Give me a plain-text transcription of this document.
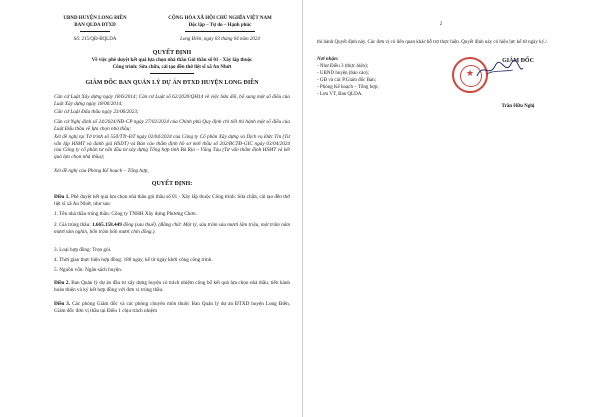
UBND HUYỆN LONG ĐIỀN
BAN QLDA ĐTXD
CỘNG HÒA XÃ HỘI CHỦ NGHĨA VIỆT NAM
Độc lập – Tự do – Hạnh phúc
Số: 215/QĐ-BQLDA	Long Điền, ngày 03 tháng 04 năm 2024
QUYẾT ĐỊNH
Về việc phê duyệt kết quả lựa chọn nhà thầu Gói thầu số 01 - Xây lắp thuộc
Công trình: Sửa chữa, cải tạo đền thờ liệt sĩ xã An Nhứt
GIÁM ĐỐC BAN QUẢN LÝ DỰ ÁN ĐTXD HUYỆN LONG ĐIỀN
Căn cứ Luật Xây dựng ngày 18/6/2014; Căn cứ Luật số 62/2020/QH14 về việc Sửa đổi, bổ sung một số điều của Luật Xây dựng ngày 18/06/2014;
Căn cứ Luật Đấu thầu ngày 23/06/2023;
Căn cứ Nghị định số 24/2024/NĐ-CP ngày 27/02/2024 của Chính phủ Quy định chi tiết thi hành một số điều của Luật Đấu thầu về lựa chọn nhà thầu;
Xét đề nghị tại Tờ trình số 550/TTr-ĐT ngày 02/04/2024 của Công ty Cổ phần Xây dựng và Dịch vụ Đức Tín (Tư vấn lập HSMT và đánh giá HSDT) và Báo cáo thẩm định hồ sơ mời thầu số 202/BCTĐ-GIC ngày 03/04/2024 của Công ty cổ phần tư vấn đầu tư xây dựng Tổng hợp tỉnh Bà Rịa – Vũng Tàu (Tư vấn thẩm định HSMT và kết quả lựa chọn nhà thầu);
Xét đề nghị của Phòng Kế hoạch – Tổng hợp,
QUYẾT ĐỊNH:
Điều 1. Phê duyệt kết quả lựa chọn nhà thầu gói thầu số 01 - Xây lắp thuộc Công trình: Sửa chữa, cải tạo đền thờ liệt sĩ xã An Nhứt, như sau:
1. Tên nhà thầu trúng thầu: Công ty TNHH Xây dựng Phương Chơn.
2. Giá trúng thầu: 1.665.158.449 đồng (sau thuế). (Bằng chữ: Một tỷ, sáu trăm sáu mươi lăm triệu, một trăm năm mươi tám nghìn, bốn trăm bốn mươi chín đồng.).
3. Loại hợp đồng: Trọn gói.
4. Thời gian thực hiện hợp đồng: 180 ngày, kể từ ngày khởi công công trình.
5. Nguồn vốn: Ngân sách huyện.
Điều 2. Ban Quản lý dự án đầu tư xây dựng huyện có trách nhiệm công bố kết quả lựa chọn nhà thầu, tiến hành hoàn thiện và ký kết hợp đồng với đơn vị trúng thầu.
Điều 3. Các phòng Giám đốc và các phòng chuyên môn thuộc Ban Quản lý dự án ĐTXD huyện Long Điền, Giám đốc đơn vị thầu tại Điều 1 chịu trách nhiệm
2
thi hành Quyết định này. Các đơn vị có liên quan khác hỗ trợ thực hiện. Quyết định này có hiệu lực kể từ ngày ký./.
Nơi nhận:
- Như Điều 3 (thực hiện);
- UBND huyện (báo cáo);
- GĐ và các P.Giám đốc Ban;
- Phòng Kế hoạch – Tổng hợp;
- Lưu VT, Ban QLDA.
GIÁM ĐỐC
Trần Hữu Nghị
★
